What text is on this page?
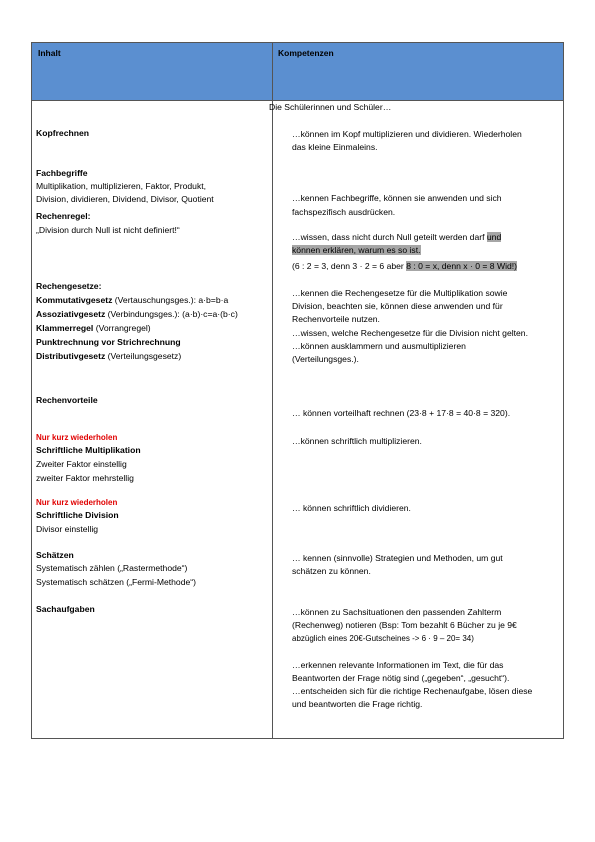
Inhalt	Kompetenzen
Die Schülerinnen und Schüler…
Kopfrechnen
Fachbegriffe
Multiplikation, multiplizieren, Faktor, Produkt,
Division, dividieren, Dividend, Divisor, Quotient
Rechenregel:
„Division durch Null ist nicht definiert!“
Rechengesetze:
Kommutativgesetz (Vertauschungsges.): a·b=b·a
Assoziativgesetz (Verbindungsges.): (a·b)·c=a·(b·c)
Klammerregel (Vorrangregel)
Punktrechnung vor Strichrechnung
Distributivgesetz (Verteilungsgesetz)
Rechenvorteile
Nur kurz wiederholen
Schriftliche Multiplikation
Zweiter Faktor einstellig
zweiter Faktor mehrstellig
Nur kurz wiederholen
Schriftliche Division
Divisor einstellig
Schätzen
Systematisch zählen („Rastermethode“)
Systematisch schätzen („Fermi-Methode“)
Sachaufgaben
…können im Kopf multiplizieren und dividieren. Wiederholen
das kleine Einmaleins.
…kennen Fachbegriffe, können sie anwenden und sich
fachspezifisch ausdrücken.
…wissen, dass nicht durch Null geteilt werden darf und
können erklären, warum es so ist.
(6 : 2 = 3, denn 3 · 2 = 6 aber 8 : 0 = x, denn x · 0 = 8 Wid!)
…kennen die Rechengesetze für die Multiplikation sowie
Division, beachten sie, können diese anwenden und für
Rechenvorteile nutzen.
…wissen, welche Rechengesetze für die Division nicht gelten.
…können ausklammern und ausmultiplizieren
(Verteilungsges.).
… können vorteilhaft rechnen (23·8 + 17·8 = 40·8 = 320).
…können schriftlich multiplizieren.
… können schriftlich dividieren.
… kennen (sinnvolle) Strategien und Methoden, um gut
schätzen zu können.
…können zu Sachsituationen den passenden Zahlterm
(Rechenweg) notieren (Bsp: Tom bezahlt 6 Bücher zu je 9€
abzüglich eines 20€-Gutscheines -> 6 · 9 – 20= 34)
…erkennen relevante Informationen im Text, die für das
Beantworten der Frage nötig sind („gegeben“, „gesucht“).
…entscheiden sich für die richtige Rechenaufgabe, lösen diese
und beantworten die Frage richtig.
